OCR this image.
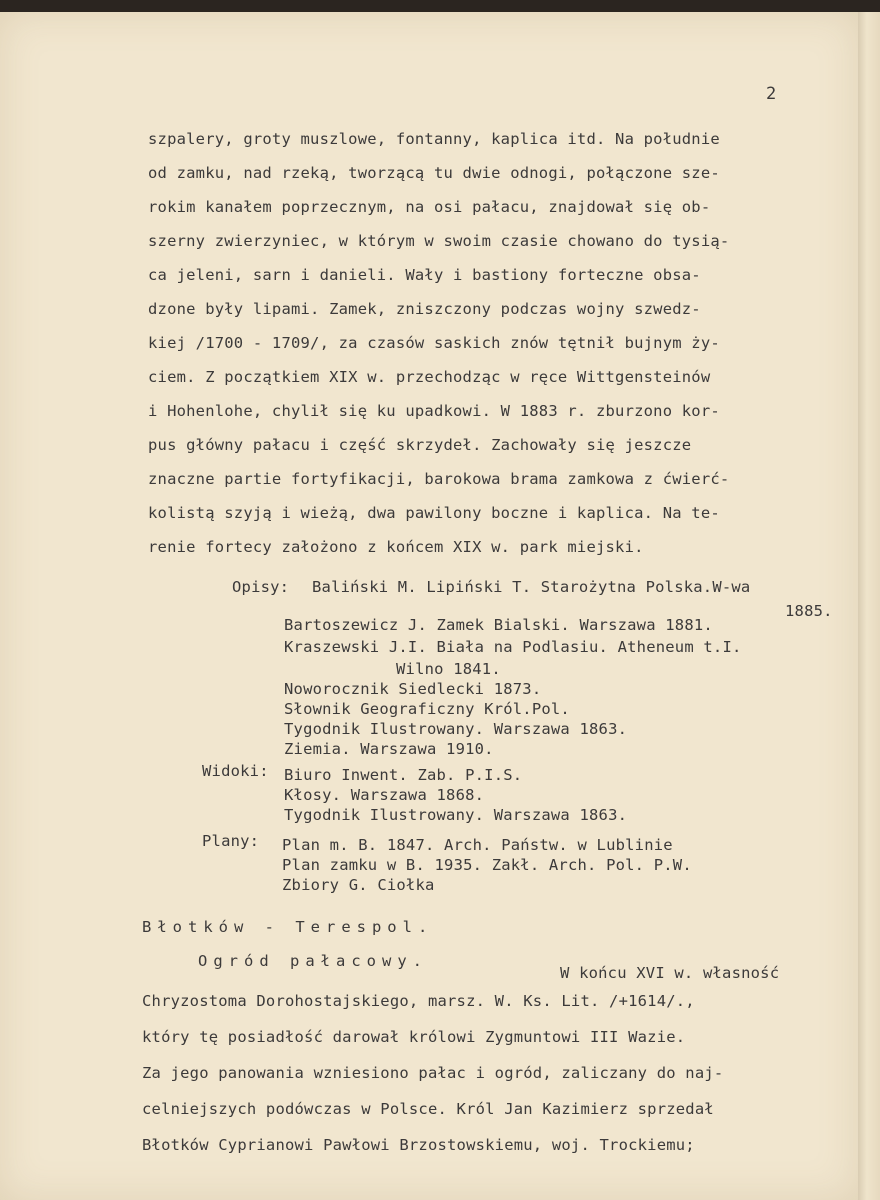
2
szpalery, groty muszlowe, fontanny, kaplica itd. Na południe
od zamku, nad rzeką, tworzącą tu dwie odnogi, połączone sze-
rokim kanałem poprzecznym, na osi pałacu, znajdował się ob-
szerny zwierzyniec, w którym w swoim czasie chowano do tysią-
ca jeleni, sarn i danieli. Wały i bastiony forteczne obsa-
dzone były lipami. Zamek, zniszczony podczas wojny szwedz-
kiej /1700 - 1709/, za czasów saskich znów tętnił bujnym ży-
ciem. Z początkiem XIX w. przechodząc w ręce Wittgensteinów
i Hohenlohe, chylił się ku upadkowi. W 1883 r. zburzono kor-
pus główny pałacu i część skrzydeł. Zachowały się jeszcze
znaczne partie fortyfikacji, barokowa brama zamkowa z ćwierć-
kolistą szyją i wieżą, dwa pawilony boczne i kaplica. Na te-
renie fortecy założono z końcem XIX w. park miejski.
Opisy: Baliński M. Lipiński T. Starożytna Polska.W-wa
1885.
Bartoszewicz J. Zamek Bialski. Warszawa 1881.
Kraszewski J.I. Biała na Podlasiu. Atheneum t.I.
Wilno 1841.
Noworocznik Siedlecki 1873.
Słownik Geograficzny Król.Pol.
Tygodnik Ilustrowany. Warszawa 1863.
Ziemia. Warszawa 1910.
Widoki: Biuro Inwent. Zab. P.I.S.
Kłosy. Warszawa 1868.
Tygodnik Ilustrowany. Warszawa 1863.
Plany: Plan m. B. 1847. Arch. Państw. w Lublinie
Plan zamku w B. 1935. Zakł. Arch. Pol. P.W.
Zbiory G. Ciołka
Błotków - Terespol.
Ogród pałacowy.
W końcu XVI w. własność
Chryzostoma Dorohostajskiego, marsz. W. Ks. Lit. /+1614/.,
który tę posiadłość darował królowi Zygmuntowi III Wazie.
Za jego panowania wzniesiono pałac i ogród, zaliczany do naj-
celniejszych podówczas w Polsce. Król Jan Kazimierz sprzedał
Błotków Cyprianowi Pawłowi Brzostowskiemu, woj. Trockiemu;
